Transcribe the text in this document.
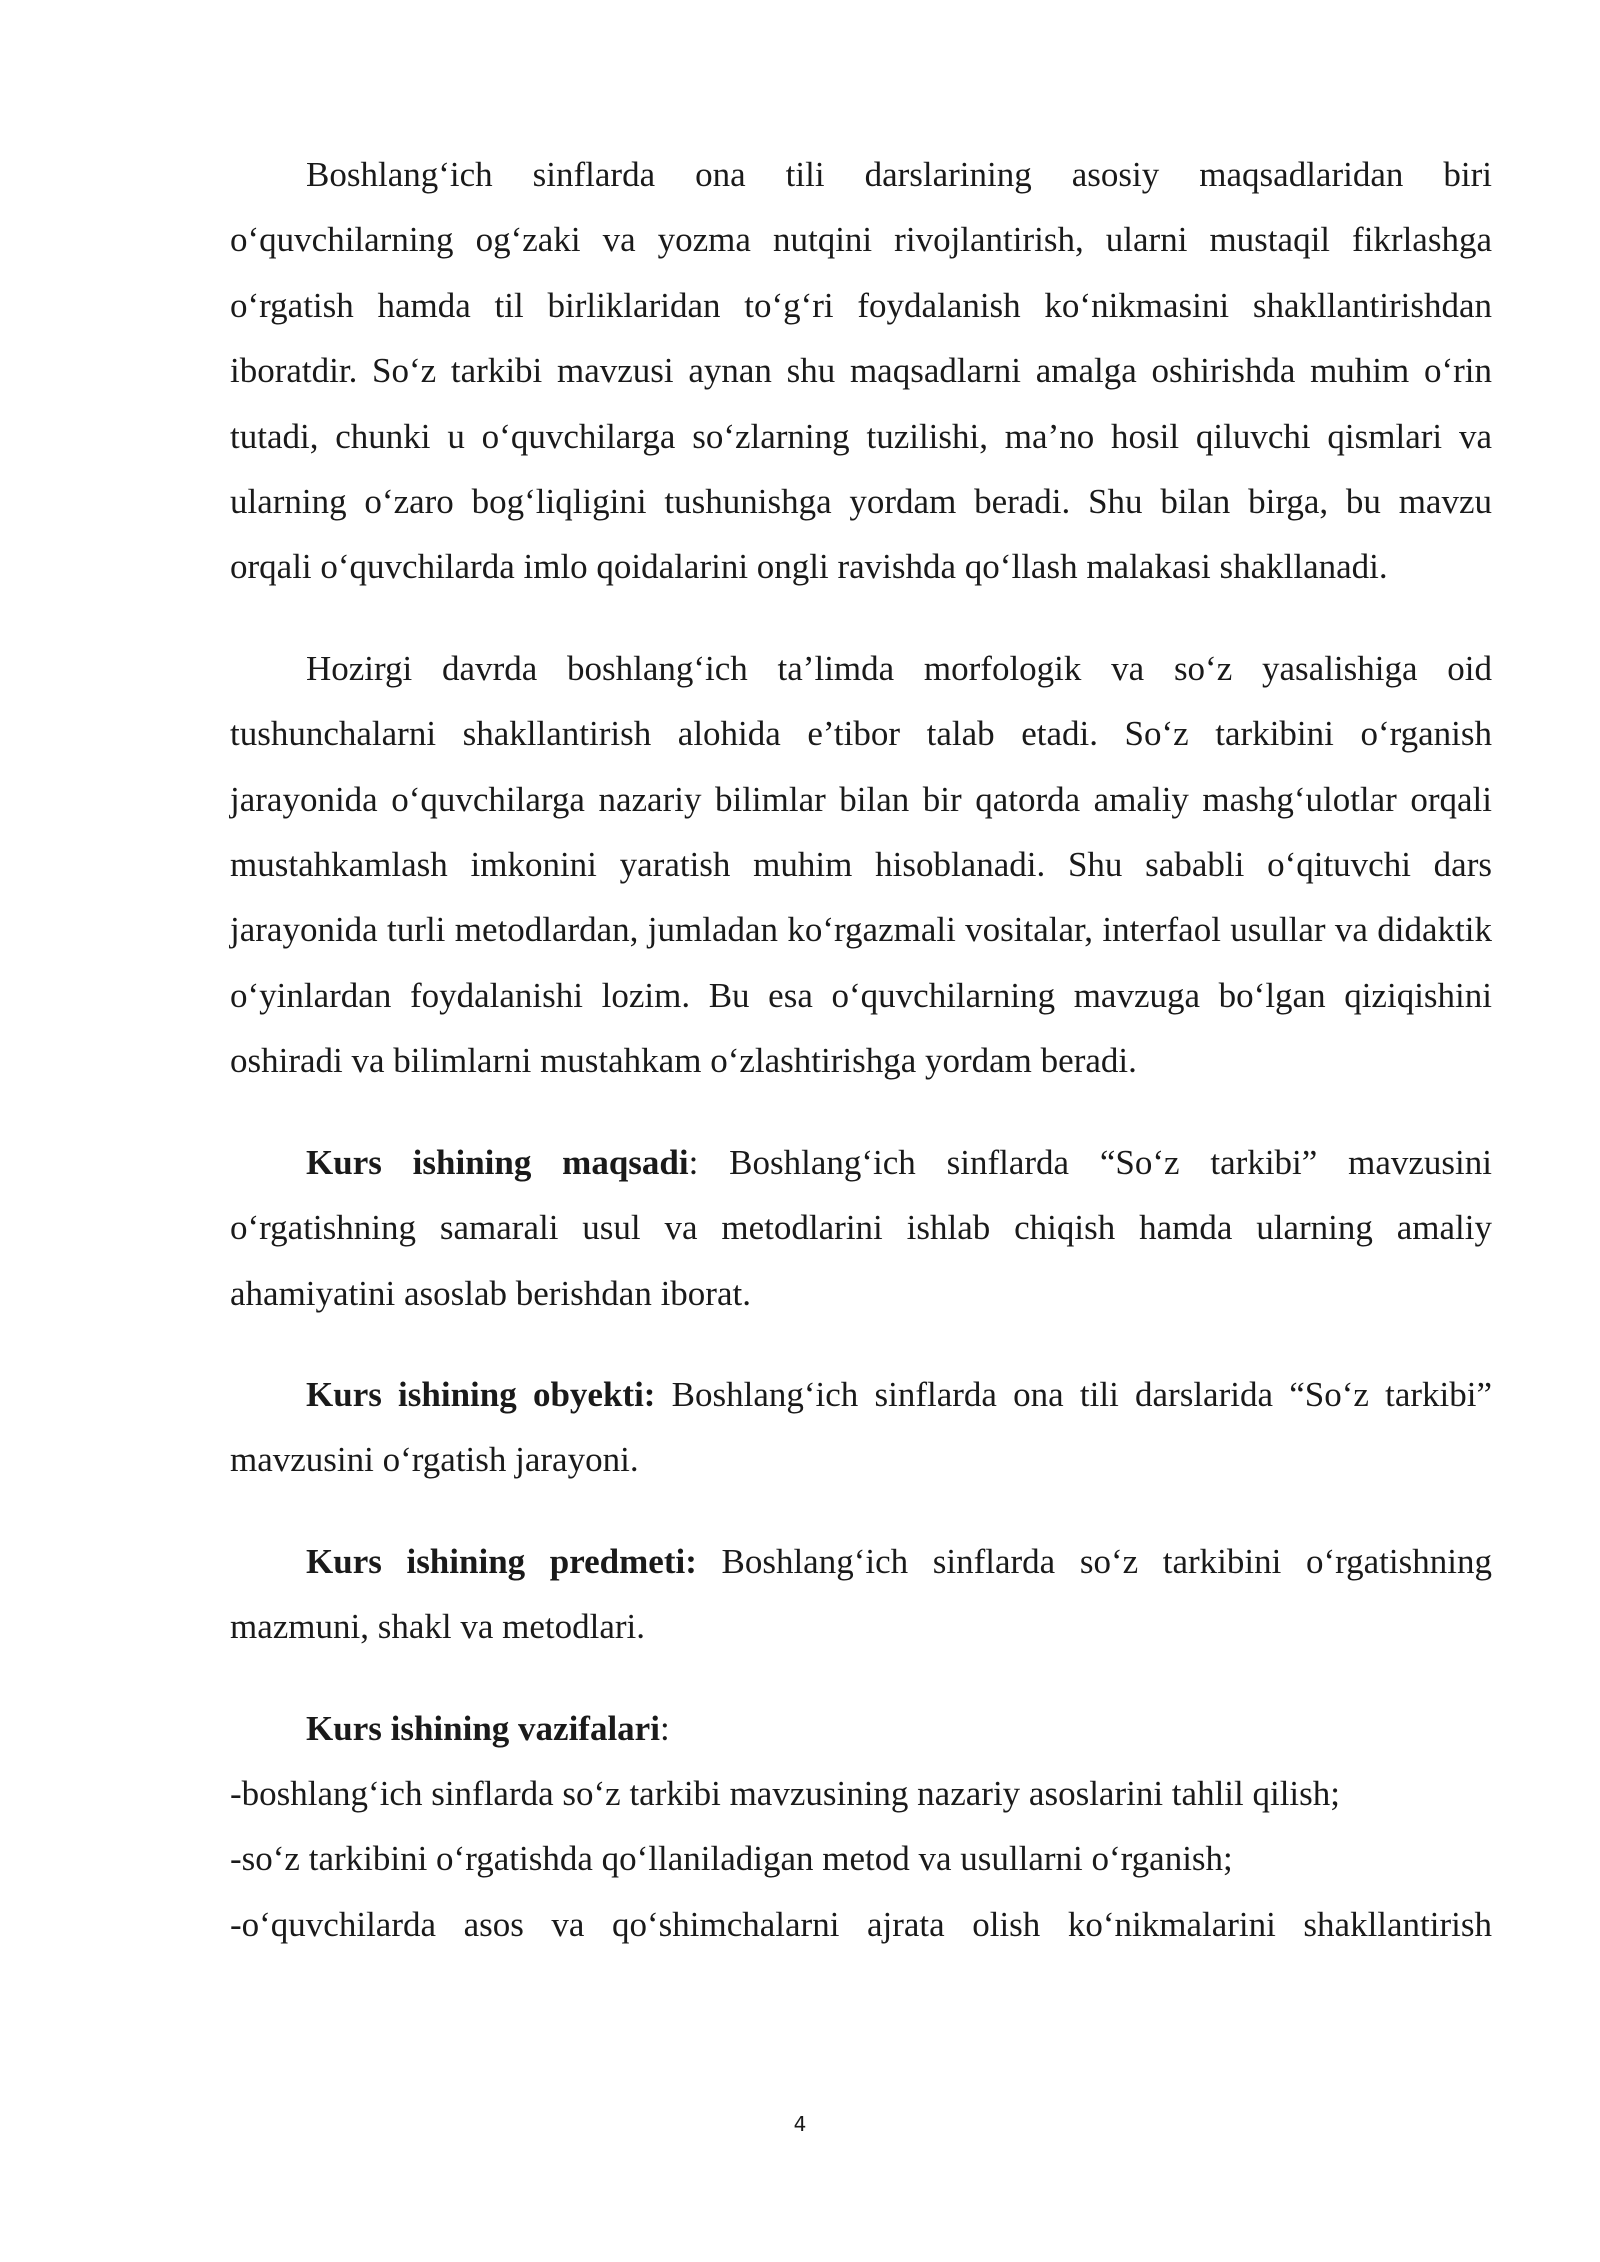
Boshlang‘ich sinflarda ona tili darslarining asosiy maqsadlaridan biri o‘quvchilarning og‘zaki va yozma nutqini rivojlantirish, ularni mustaqil fikrlashga o‘rgatish hamda til birliklaridan to‘g‘ri foydalanish ko‘nikmasini shakllantirishdan iboratdir. So‘z tarkibi mavzusi aynan shu maqsadlarni amalga oshirishda muhim o‘rin tutadi, chunki u o‘quvchilarga so‘zlarning tuzilishi, ma’no hosil qiluvchi qismlari va ularning o‘zaro bog‘liqligini tushunishga yordam beradi. Shu bilan birga, bu mavzu orqali o‘quvchilarda imlo qoidalarini ongli ravishda qo‘llash malakasi shakllanadi.

Hozirgi davrda boshlang‘ich ta’limda morfologik va so‘z yasalishiga oid tushunchalarni shakllantirish alohida e’tibor talab etadi. So‘z tarkibini o‘rganish jarayonida o‘quvchilarga nazariy bilimlar bilan bir qatorda amaliy mashg‘ulotlar orqali mustahkamlash imkonini yaratish muhim hisoblanadi. Shu sababli o‘qituvchi dars jarayonida turli metodlardan, jumladan ko‘rgazmali vositalar, interfaol usullar va didaktik o‘yinlardan foydalanishi lozim. Bu esa o‘quvchilarning mavzuga bo‘lgan qiziqishini oshiradi va bilimlarni mustahkam o‘zlashtirishga yordam beradi.

Kurs ishining maqsadi: Boshlang‘ich sinflarda “So‘z tarkibi” mavzusini o‘rgatishning samarali usul va metodlarini ishlab chiqish hamda ularning amaliy ahamiyatini asoslab berishdan iborat.

Kurs ishining obyekti: Boshlang‘ich sinflarda ona tili darslarida “So‘z tarkibi” mavzusini o‘rgatish jarayoni.

Kurs ishining predmeti: Boshlang‘ich sinflarda so‘z tarkibini o‘rgatishning mazmuni, shakl va metodlari.

Kurs ishining vazifalari:

-boshlang‘ich sinflarda so‘z tarkibi mavzusining nazariy asoslarini tahlil qilish;

-so‘z tarkibini o‘rgatishda qo‘llaniladigan metod va usullarni o‘rganish;

-o‘quvchilarda asos va qo‘shimchalarni ajrata olish ko‘nikmalarini shakllantirish

4
